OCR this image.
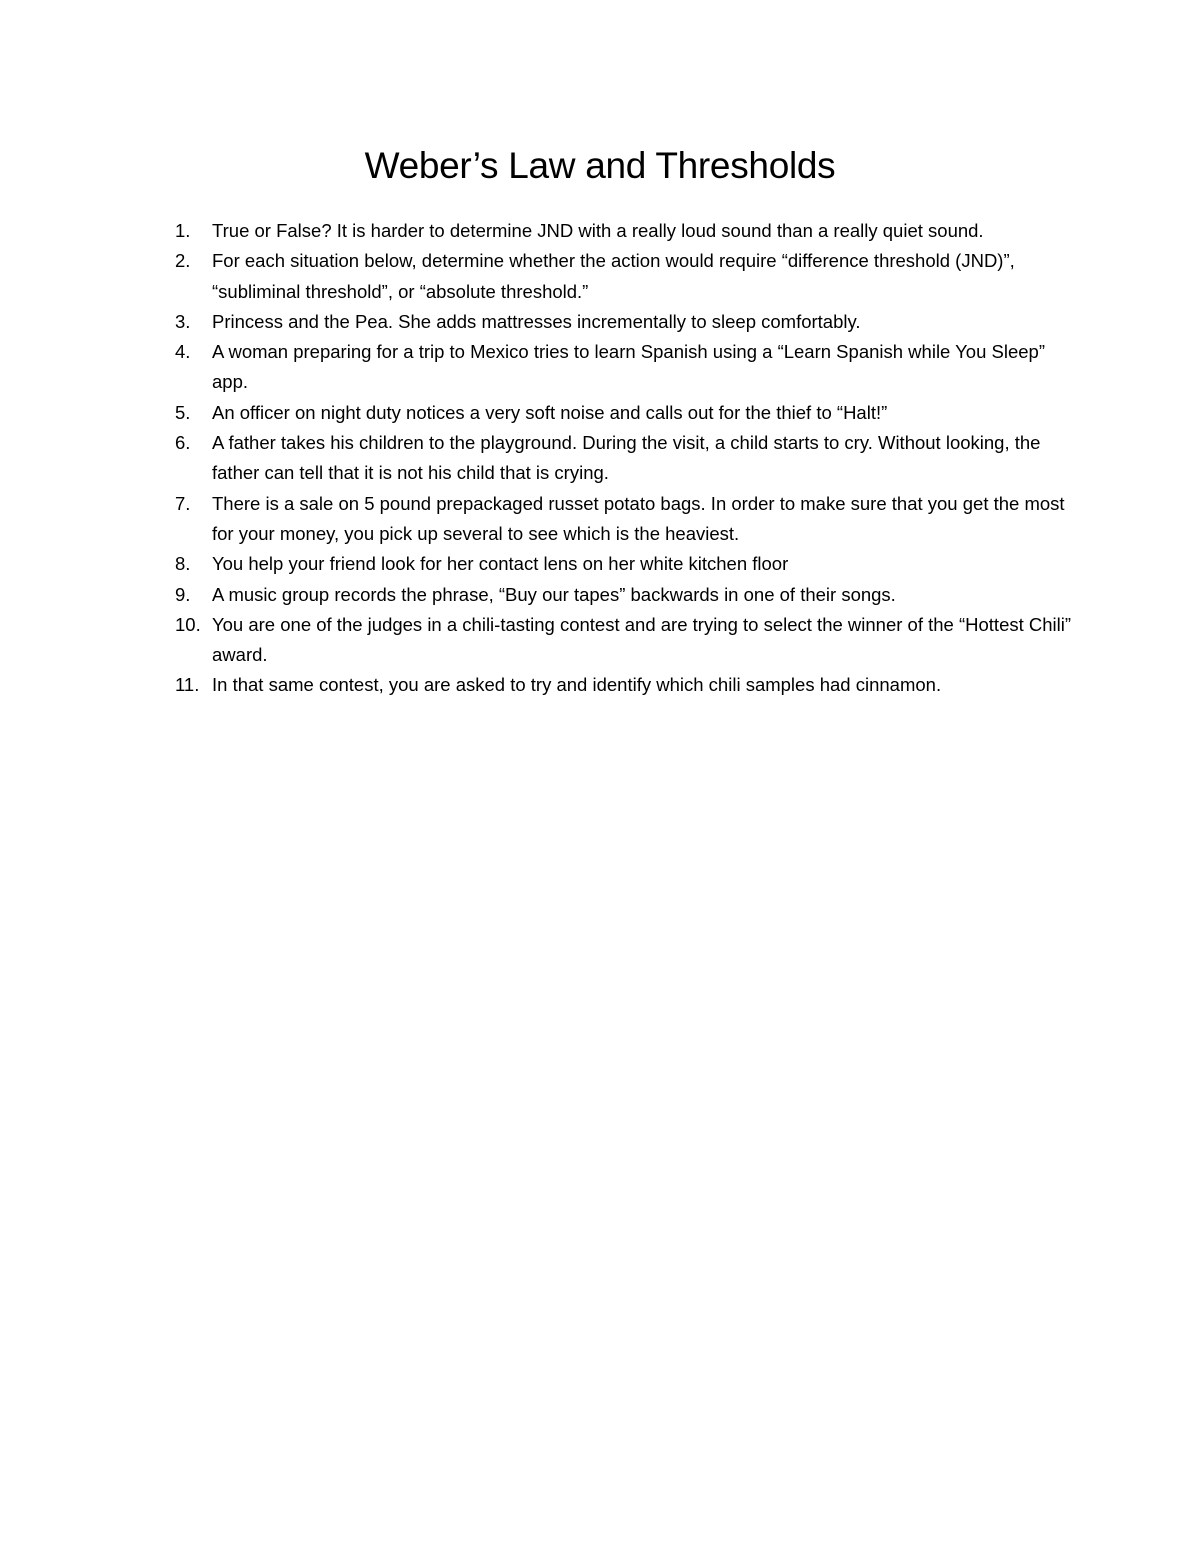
Weber’s Law and Thresholds
1.	True or False? It is harder to determine JND with a really loud sound than a really quiet sound.
2.	For each situation below, determine whether the action would require “difference threshold (JND)”, “subliminal threshold”, or “absolute threshold.”
3.	Princess and the Pea. She adds mattresses incrementally to sleep comfortably.
4.	A woman preparing for a trip to Mexico tries to learn Spanish using a “Learn Spanish while You Sleep” app.
5.	An officer on night duty notices a very soft noise and calls out for the thief to “Halt!”
6.	A father takes his children to the playground. During the visit, a child starts to cry. Without looking, the father can tell that it is not his child that is crying.
7.	There is a sale on 5 pound prepackaged russet potato bags. In order to make sure that you get the most for your money, you pick up several to see which is the heaviest.
8.	You help your friend look for her contact lens on her white kitchen floor
9.	A music group records the phrase, “Buy our tapes” backwards in one of their songs.
10. You are one of the judges in a chili-tasting contest and are trying to select the winner of the “Hottest Chili” award.
11. In that same contest, you are asked to try and identify which chili samples had cinnamon.
